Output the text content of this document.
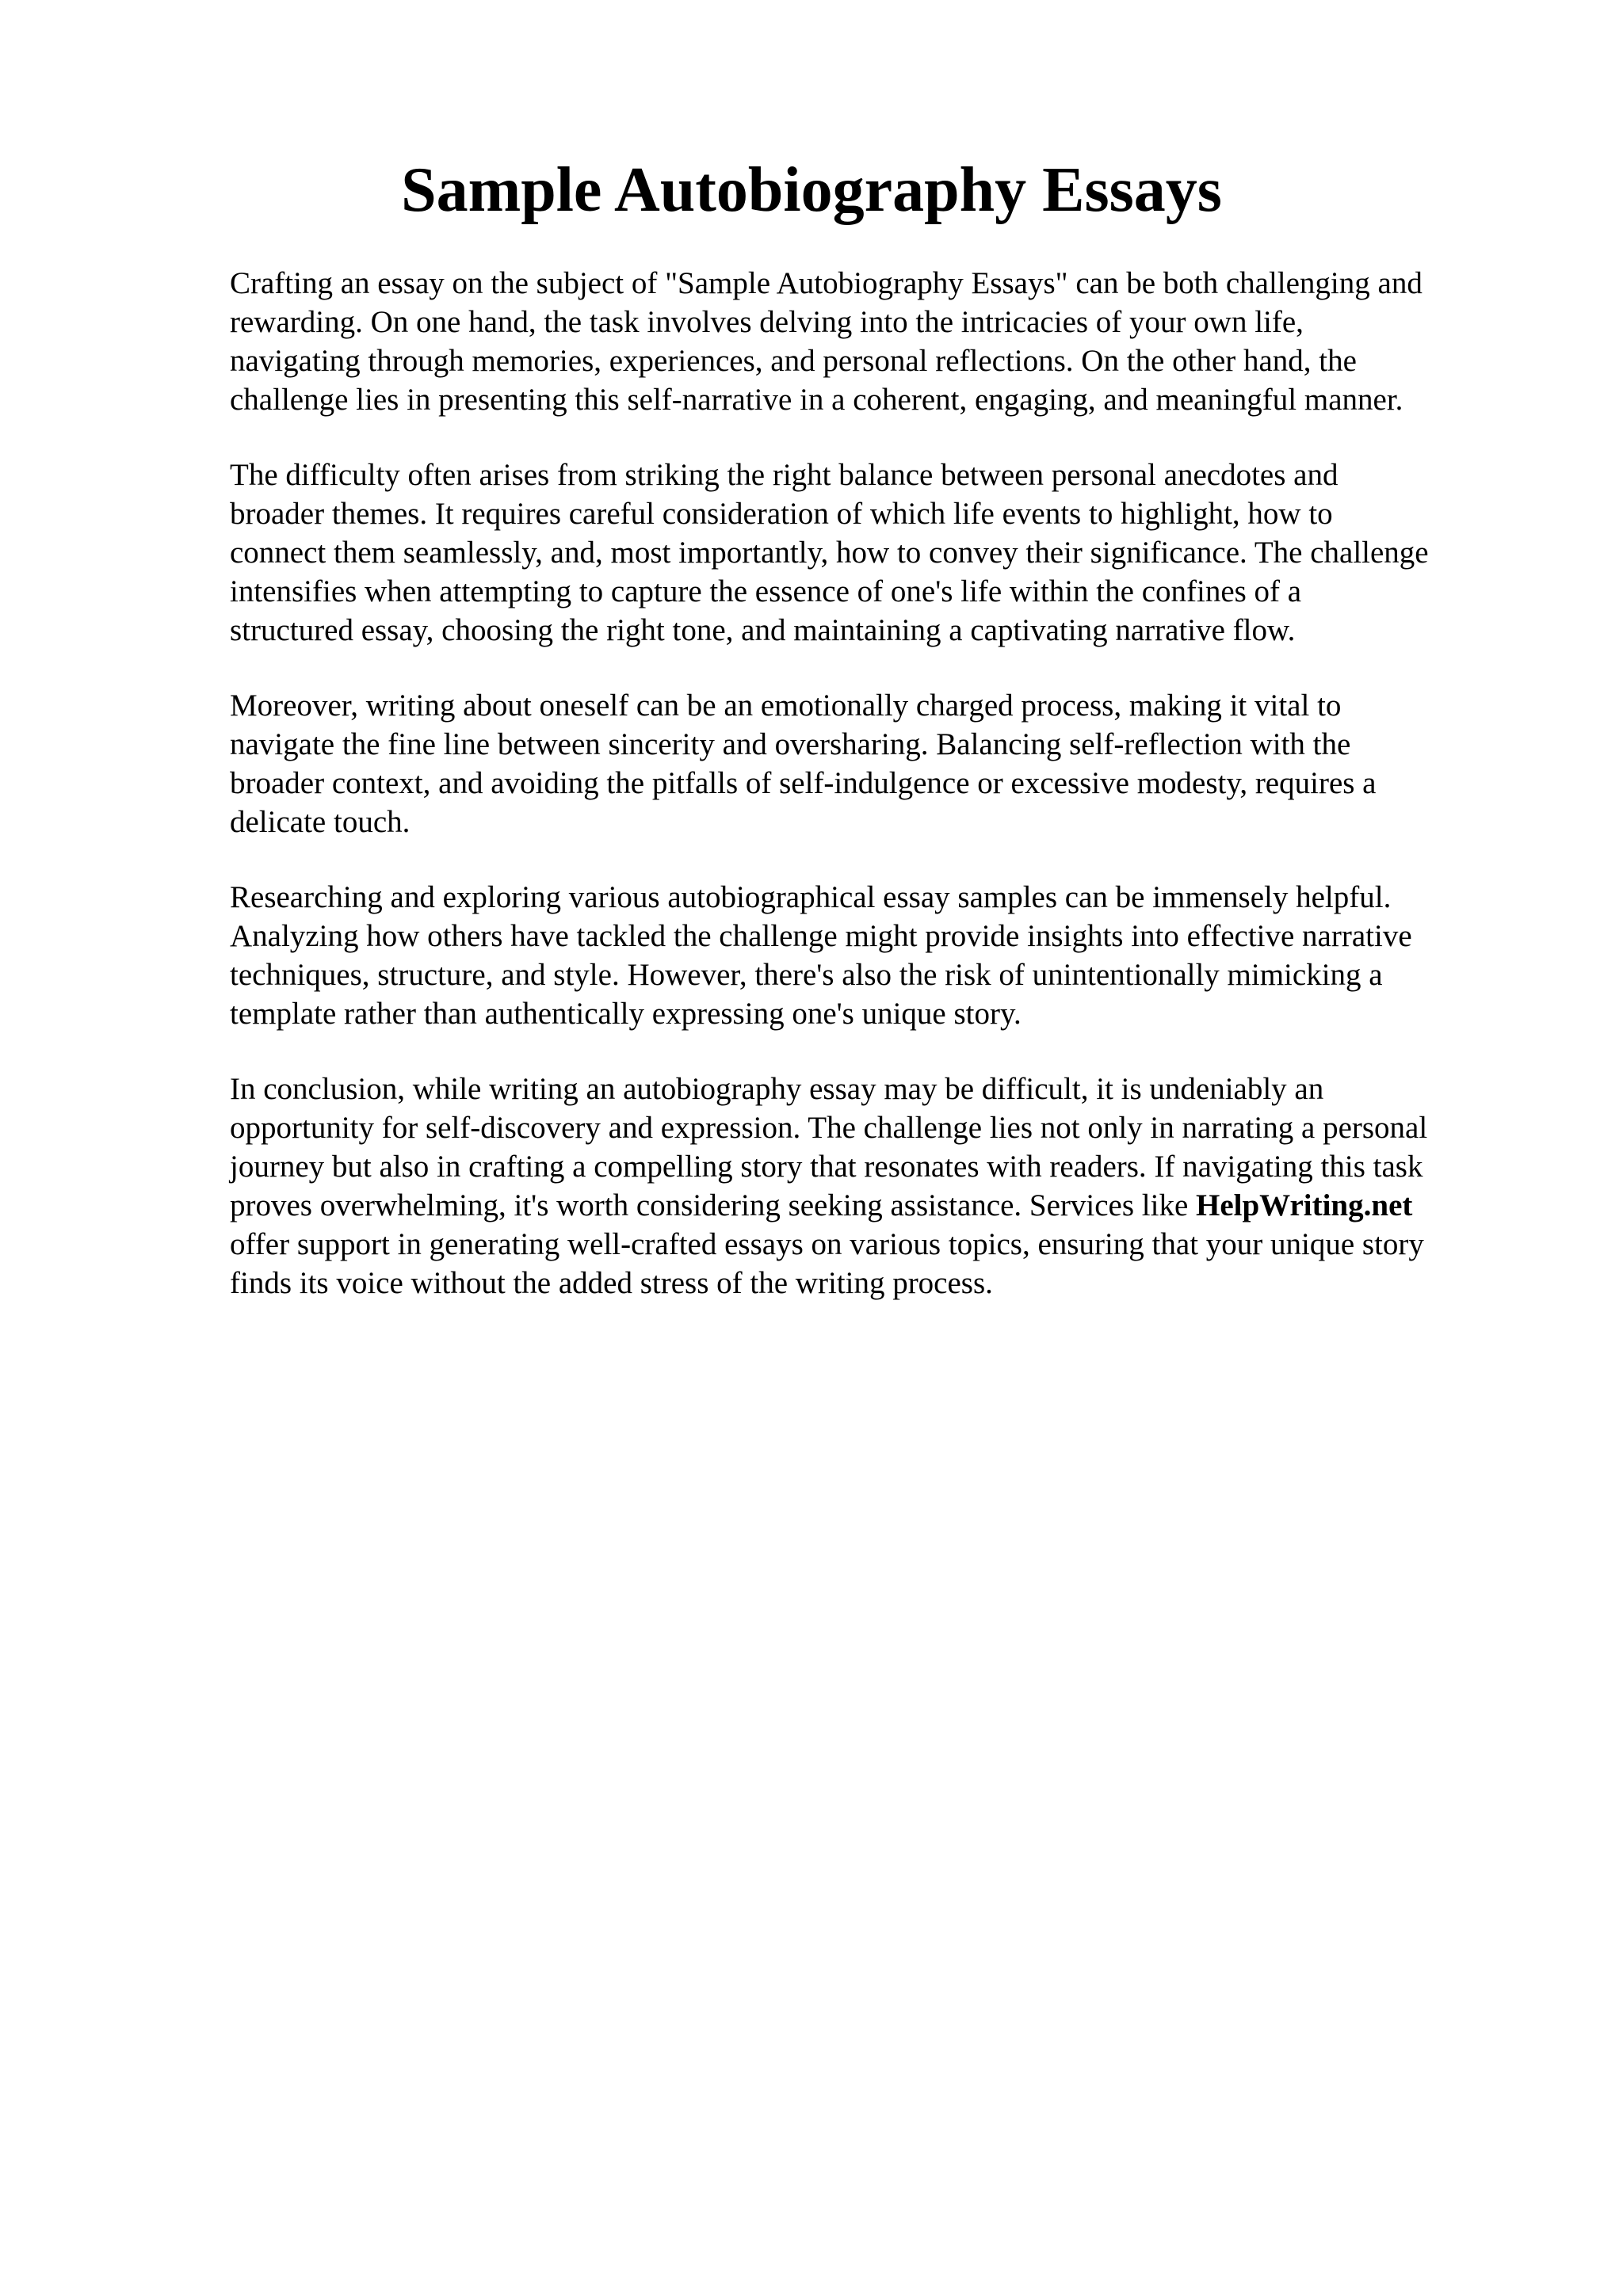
Sample Autobiography Essays

Crafting an essay on the subject of "Sample Autobiography Essays" can be both challenging and
rewarding. On one hand, the task involves delving into the intricacies of your own life,
navigating through memories, experiences, and personal reflections. On the other hand, the
challenge lies in presenting this self-narrative in a coherent, engaging, and meaningful manner.

The difficulty often arises from striking the right balance between personal anecdotes and
broader themes. It requires careful consideration of which life events to highlight, how to
connect them seamlessly, and, most importantly, how to convey their significance. The challenge
intensifies when attempting to capture the essence of one's life within the confines of a
structured essay, choosing the right tone, and maintaining a captivating narrative flow.

Moreover, writing about oneself can be an emotionally charged process, making it vital to
navigate the fine line between sincerity and oversharing. Balancing self-reflection with the
broader context, and avoiding the pitfalls of self-indulgence or excessive modesty, requires a
delicate touch.

Researching and exploring various autobiographical essay samples can be immensely helpful.
Analyzing how others have tackled the challenge might provide insights into effective narrative
techniques, structure, and style. However, there's also the risk of unintentionally mimicking a
template rather than authentically expressing one's unique story.

In conclusion, while writing an autobiography essay may be difficult, it is undeniably an
opportunity for self-discovery and expression. The challenge lies not only in narrating a personal
journey but also in crafting a compelling story that resonates with readers. If navigating this task
proves overwhelming, it's worth considering seeking assistance. Services like HelpWriting.net
offer support in generating well-crafted essays on various topics, ensuring that your unique story
finds its voice without the added stress of the writing process.
